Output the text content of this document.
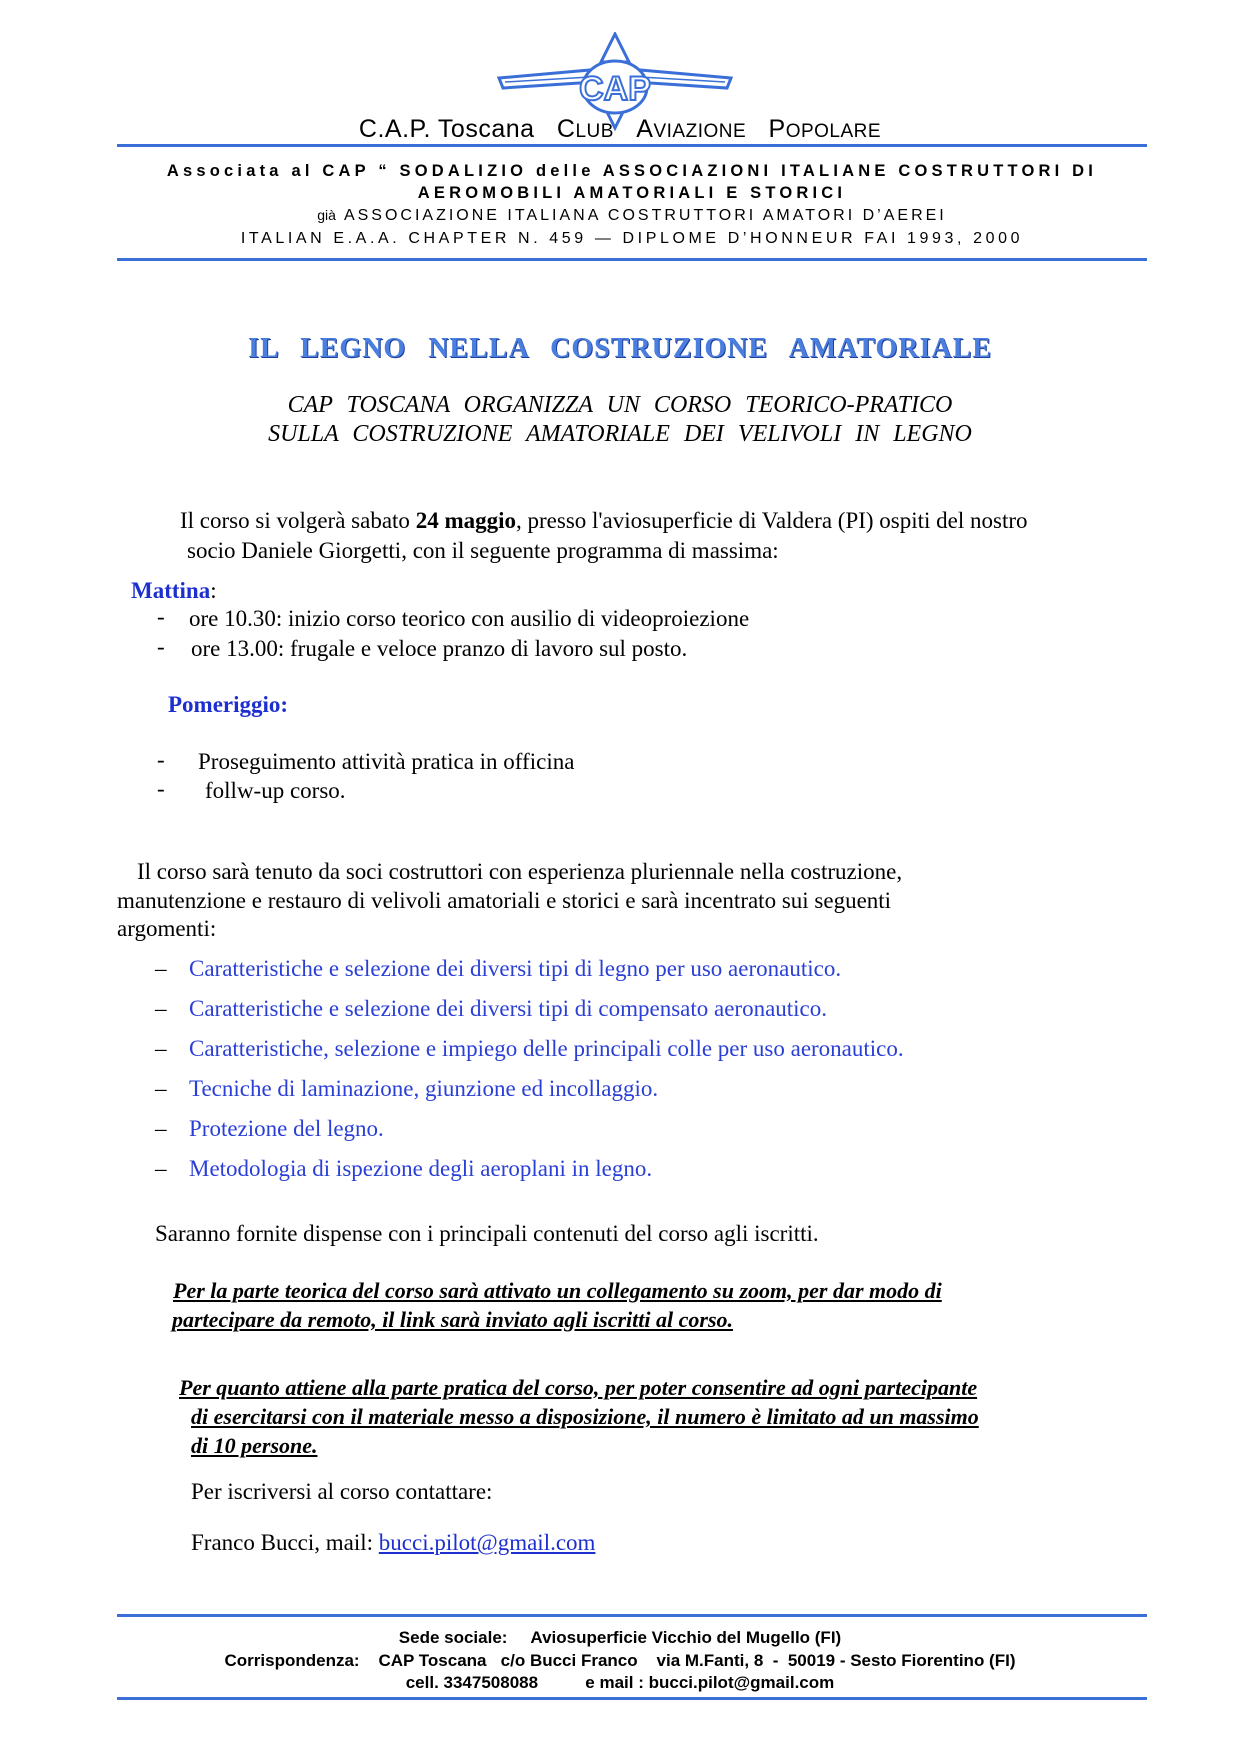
CAP
C.A.P. Toscana CLUB AVIAZIONE POPOLARE
Associata al CAP “ SODALIZIO delle ASSOCIAZIONI ITALIANE COSTRUTTORI DI
AEROMOBILI AMATORIALI E STORICI
già ASSOCIAZIONE ITALIANA COSTRUTTORI AMATORI D’AEREI
ITALIAN E.A.A. CHAPTER N. 459 — DIPLOME D’HONNEUR FAI 1993, 2000
IL LEGNO NELLA COSTRUZIONE AMATORIALE
CAP TOSCANA ORGANIZZA UN CORSO TEORICO-PRATICO
SULLA COSTRUZIONE AMATORIALE DEI VELIVOLI IN LEGNO
Il corso si volgerà sabato 24 maggio, presso l'aviosuperficie di Valdera (PI) ospiti del nostro
socio Daniele Giorgetti, con il seguente programma di massima:
Mattina:
- ore 10.30: inizio corso teorico con ausilio di videoproiezione
- ore 13.00: frugale e veloce pranzo di lavoro sul posto.
Pomeriggio:
- Proseguimento attività pratica in officina
- follw-up corso.
Il corso sarà tenuto da soci costruttori con esperienza pluriennale nella costruzione,
manutenzione e restauro di velivoli amatoriali e storici e sarà incentrato sui seguenti
argomenti:
– Caratteristiche e selezione dei diversi tipi di legno per uso aeronautico.
– Caratteristiche e selezione dei diversi tipi di compensato aeronautico.
– Caratteristiche, selezione e impiego delle principali colle per uso aeronautico.
– Tecniche di laminazione, giunzione ed incollaggio.
– Protezione del legno.
– Metodologia di ispezione degli aeroplani in legno.
Saranno fornite dispense con i principali contenuti del corso agli iscritti.
Per la parte teorica del corso sarà attivato un collegamento su zoom, per dar modo di
partecipare da remoto, il link sarà inviato agli iscritti al corso.
Per quanto attiene alla parte pratica del corso, per poter consentire ad ogni partecipante
di esercitarsi con il materiale messo a disposizione, il numero è limitato ad un massimo
di 10 persone.
Per iscriversi al corso contattare:
Franco Bucci, mail: bucci.pilot@gmail.com
Sede sociale:     Aviosuperficie Vicchio del Mugello (FI)
Corrispondenza:    CAP Toscana   c/o Bucci Franco    via M.Fanti, 8  -  50019 - Sesto Fiorentino (FI)
cell. 3347508088          e mail : bucci.pilot@gmail.com
